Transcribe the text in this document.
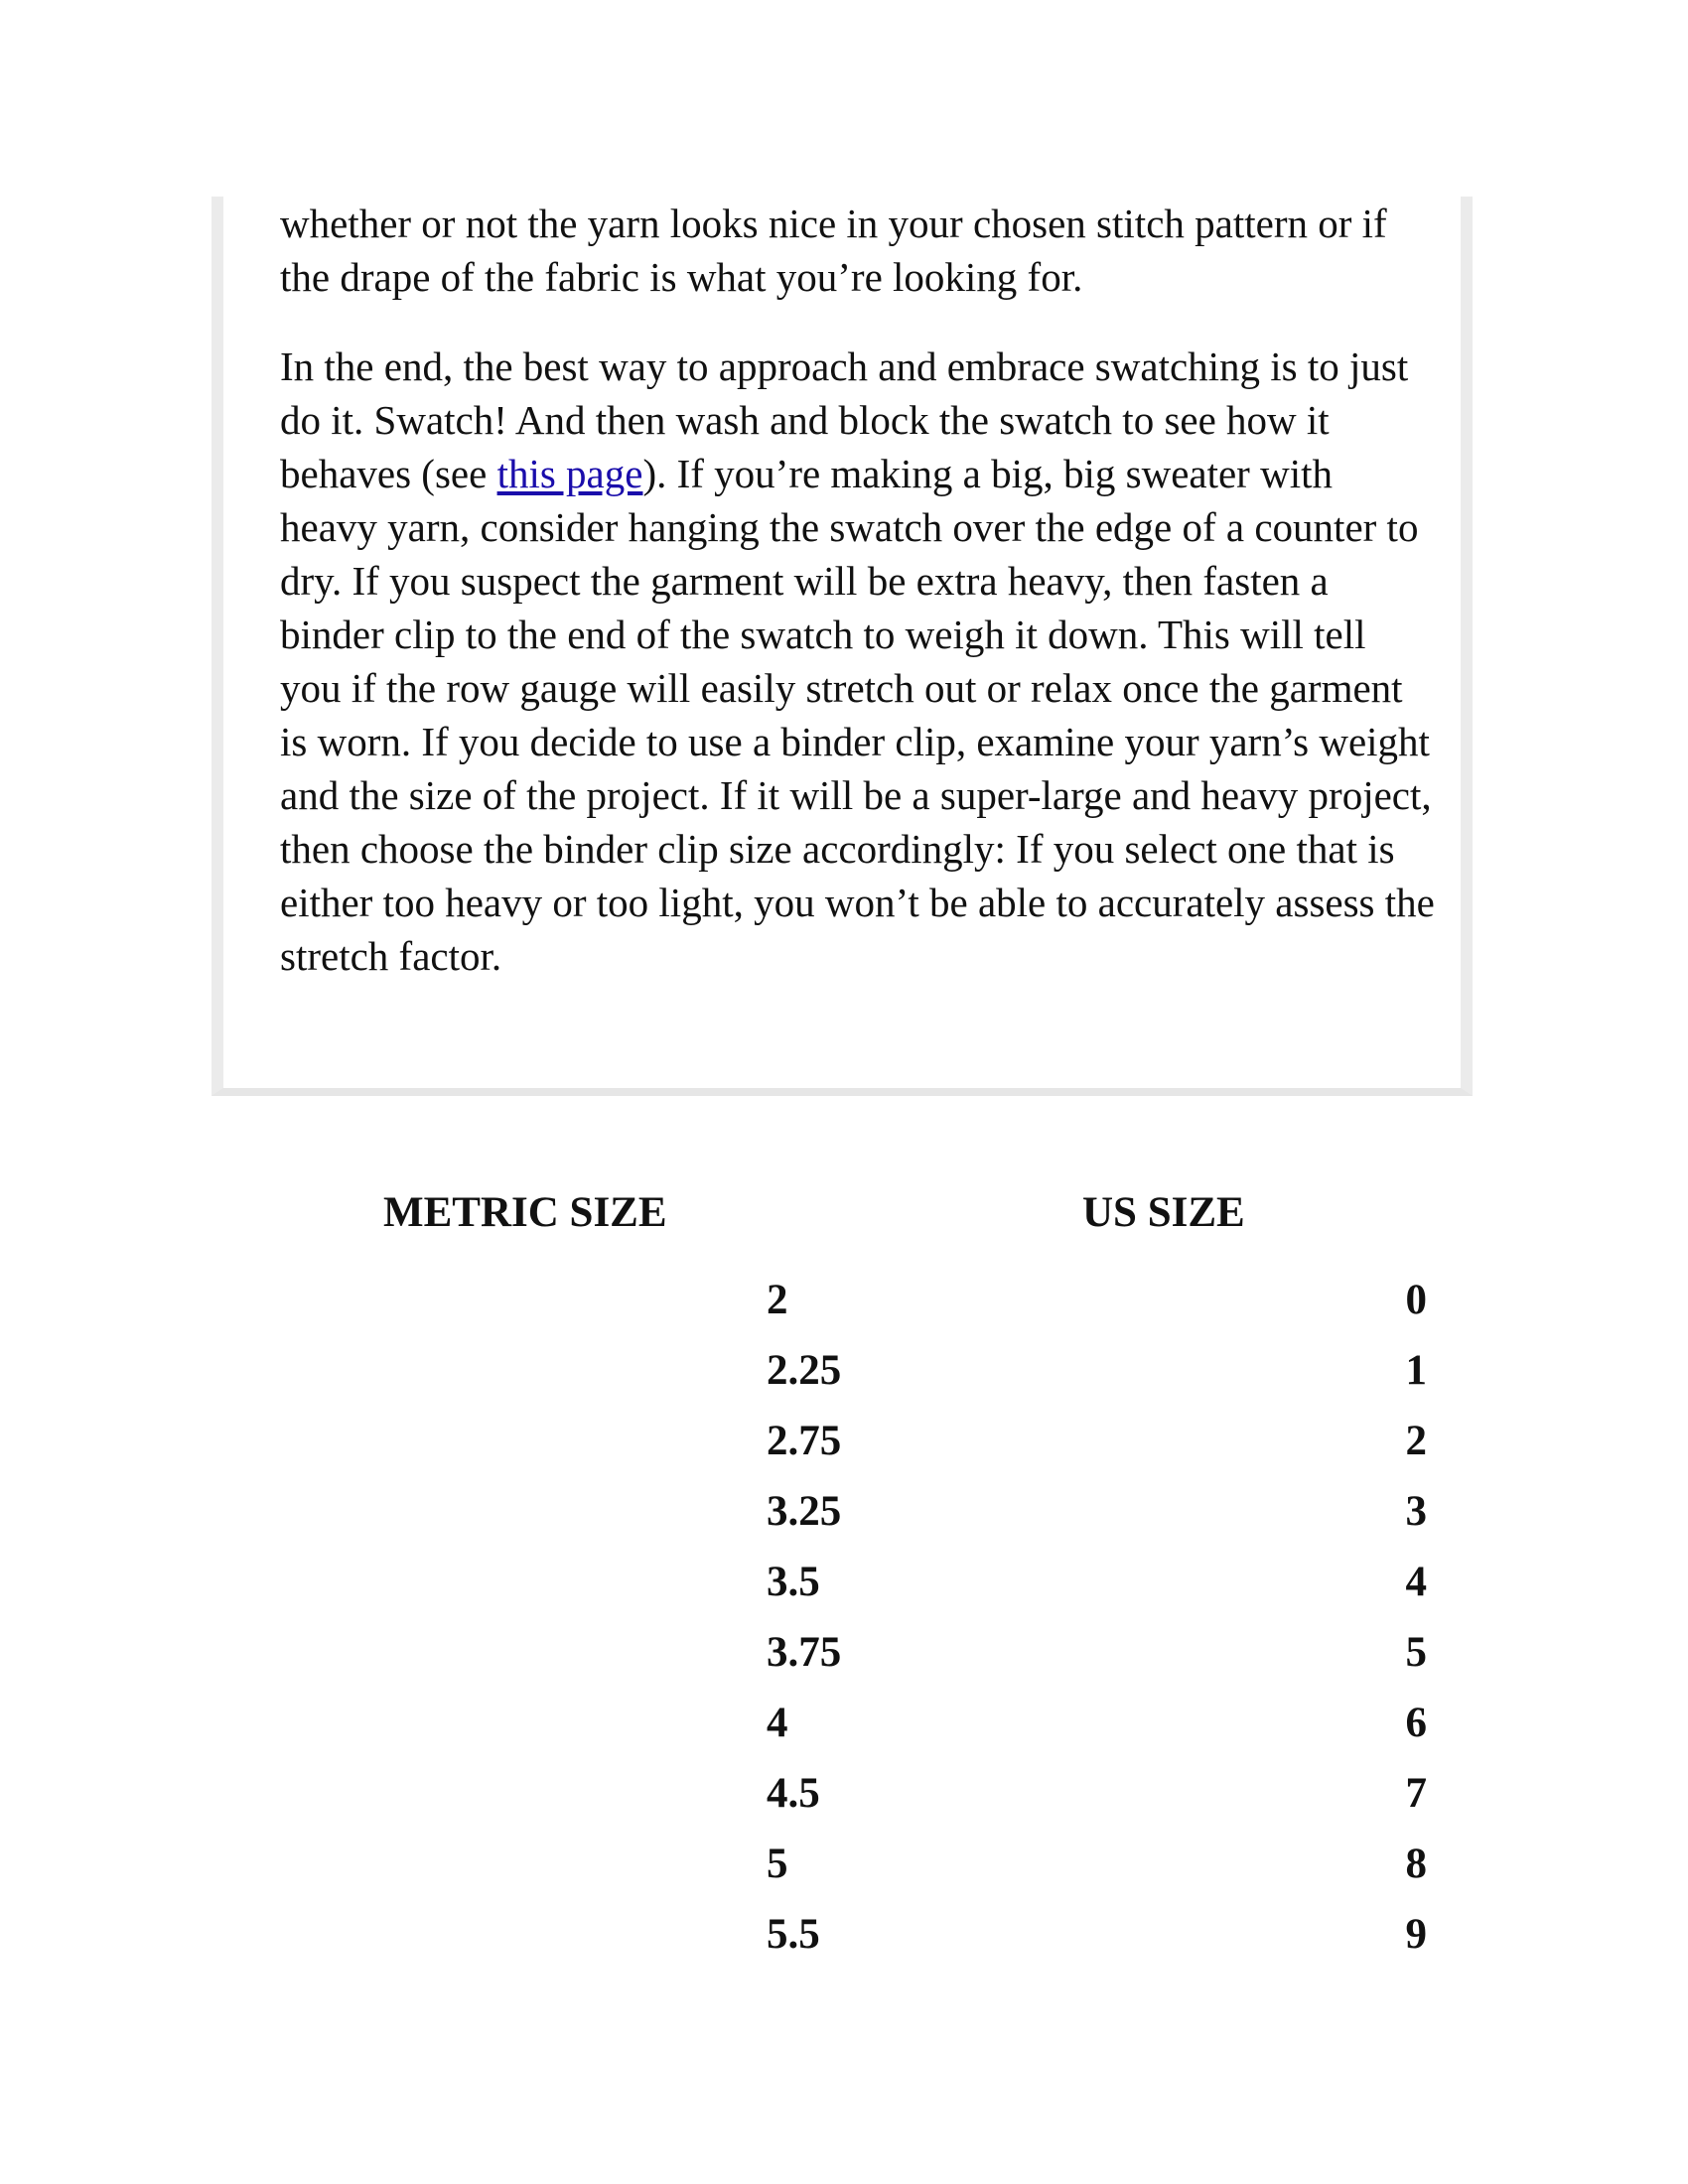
whether or not the yarn looks nice in your chosen stitch pattern or if the drape of the fabric is what you’re looking for.

In the end, the best way to approach and embrace swatching is to just do it. Swatch! And then wash and block the swatch to see how it behaves (see this page). If you’re making a big, big sweater with heavy yarn, consider hanging the swatch over the edge of a counter to dry. If you suspect the garment will be extra heavy, then fasten a binder clip to the end of the swatch to weigh it down. This will tell you if the row gauge will easily stretch out or relax once the garment is worn. If you decide to use a binder clip, examine your yarn’s weight and the size of the project. If it will be a super-large and heavy project, then choose the binder clip size accordingly: If you select one that is either too heavy or too light, you won’t be able to accurately assess the stretch factor.

METRIC SIZE	US SIZE
2	0
2.25	1
2.75	2
3.25	3
3.5	4
3.75	5
4	6
4.5	7
5	8
5.5	9
